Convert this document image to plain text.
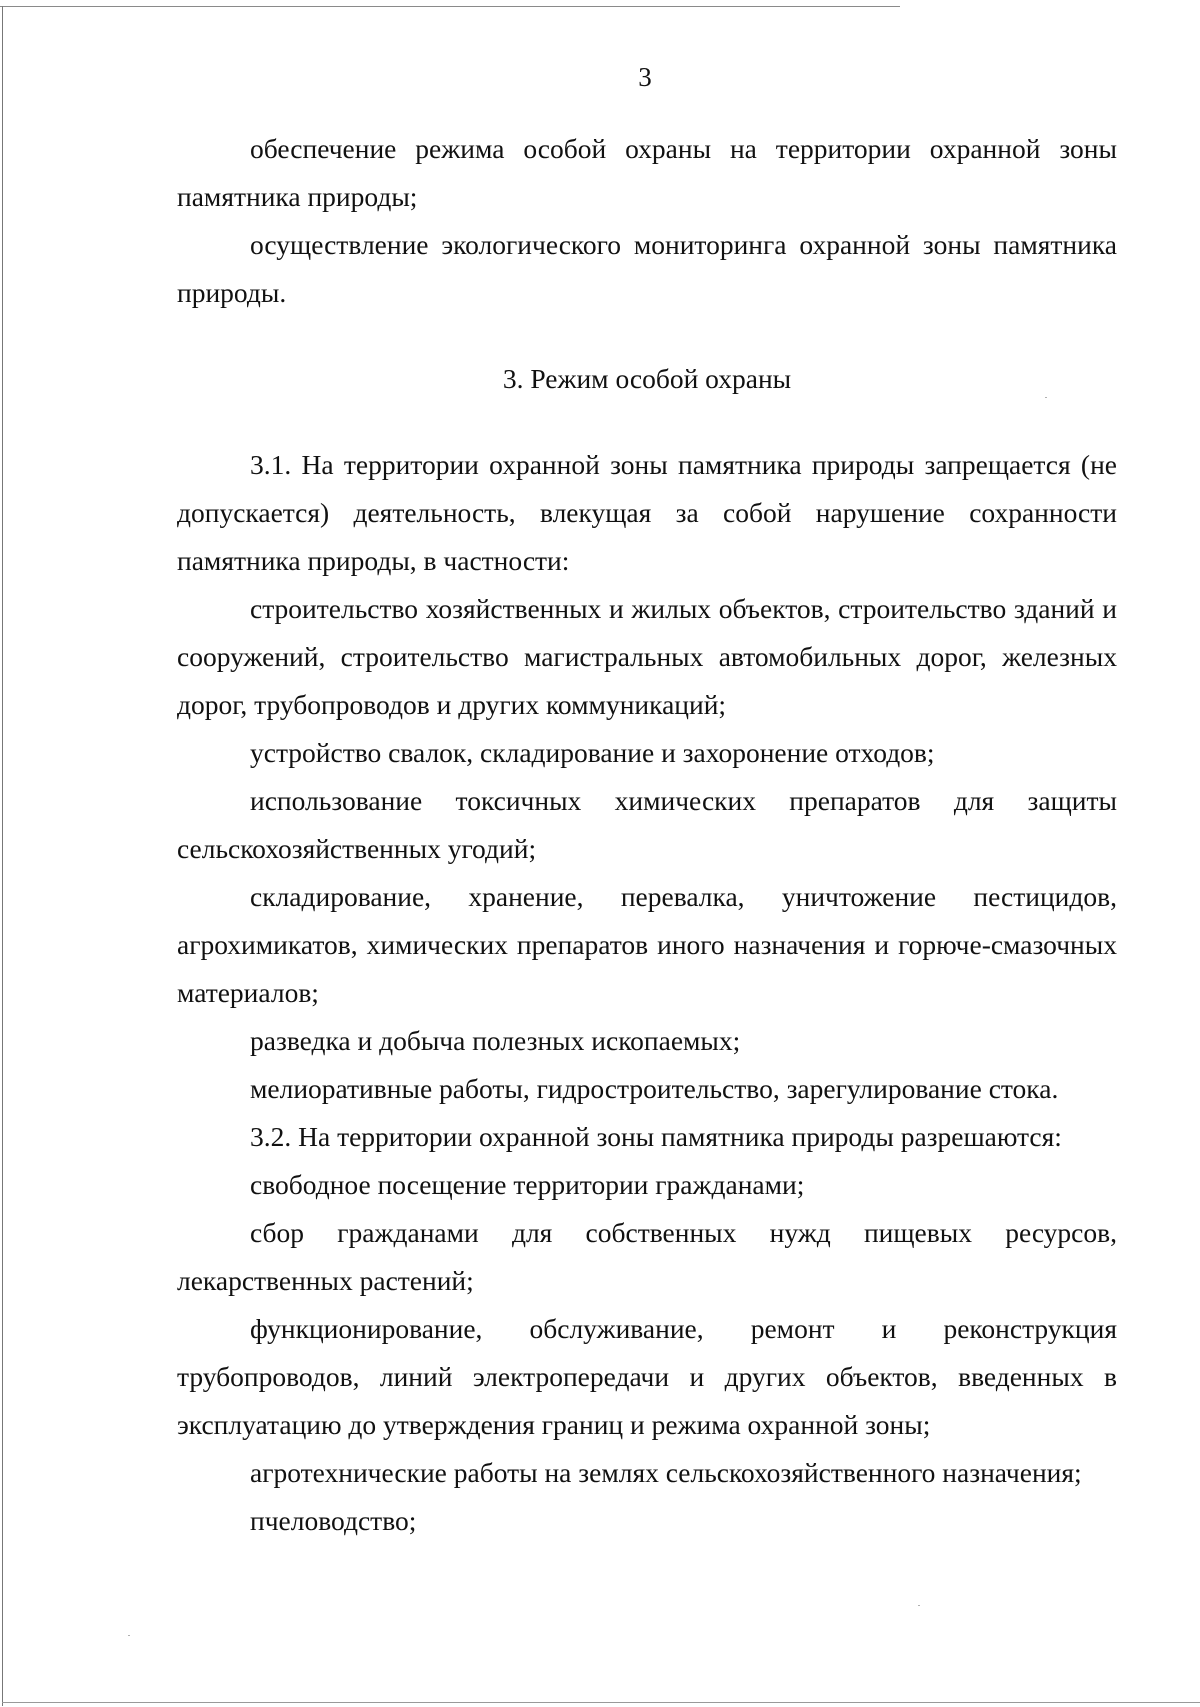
3

обеспечение режима особой охраны на территории охранной зоны памятника природы;

осуществление экологического мониторинга охранной зоны памятника природы.

3. Режим особой охраны

3.1. На территории охранной зоны памятника природы запрещается (не допускается) деятельность, влекущая за собой нарушение сохранности памятника природы, в частности:

строительство хозяйственных и жилых объектов, строительство зданий и сооружений, строительство магистральных автомобильных дорог, железных дорог, трубопроводов и других коммуникаций;

устройство свалок, складирование и захоронение отходов;

использование токсичных химических препаратов для защиты сельскохозяйственных угодий;

складирование, хранение, перевалка, уничтожение пестицидов, агрохимикатов, химических препаратов иного назначения и горюче-смазочных материалов;

разведка и добыча полезных ископаемых;

мелиоративные работы, гидростроительство, зарегулирование стока.

3.2. На территории охранной зоны памятника природы разрешаются:

свободное посещение территории гражданами;

сбор гражданами для собственных нужд пищевых ресурсов, лекарственных растений;

функционирование, обслуживание, ремонт и реконструкция трубопроводов, линий электропередачи и других объектов, введенных в эксплуатацию до утверждения границ и режима охранной зоны;

агротехнические работы на землях сельскохозяйственного назначения;

пчеловодство;
